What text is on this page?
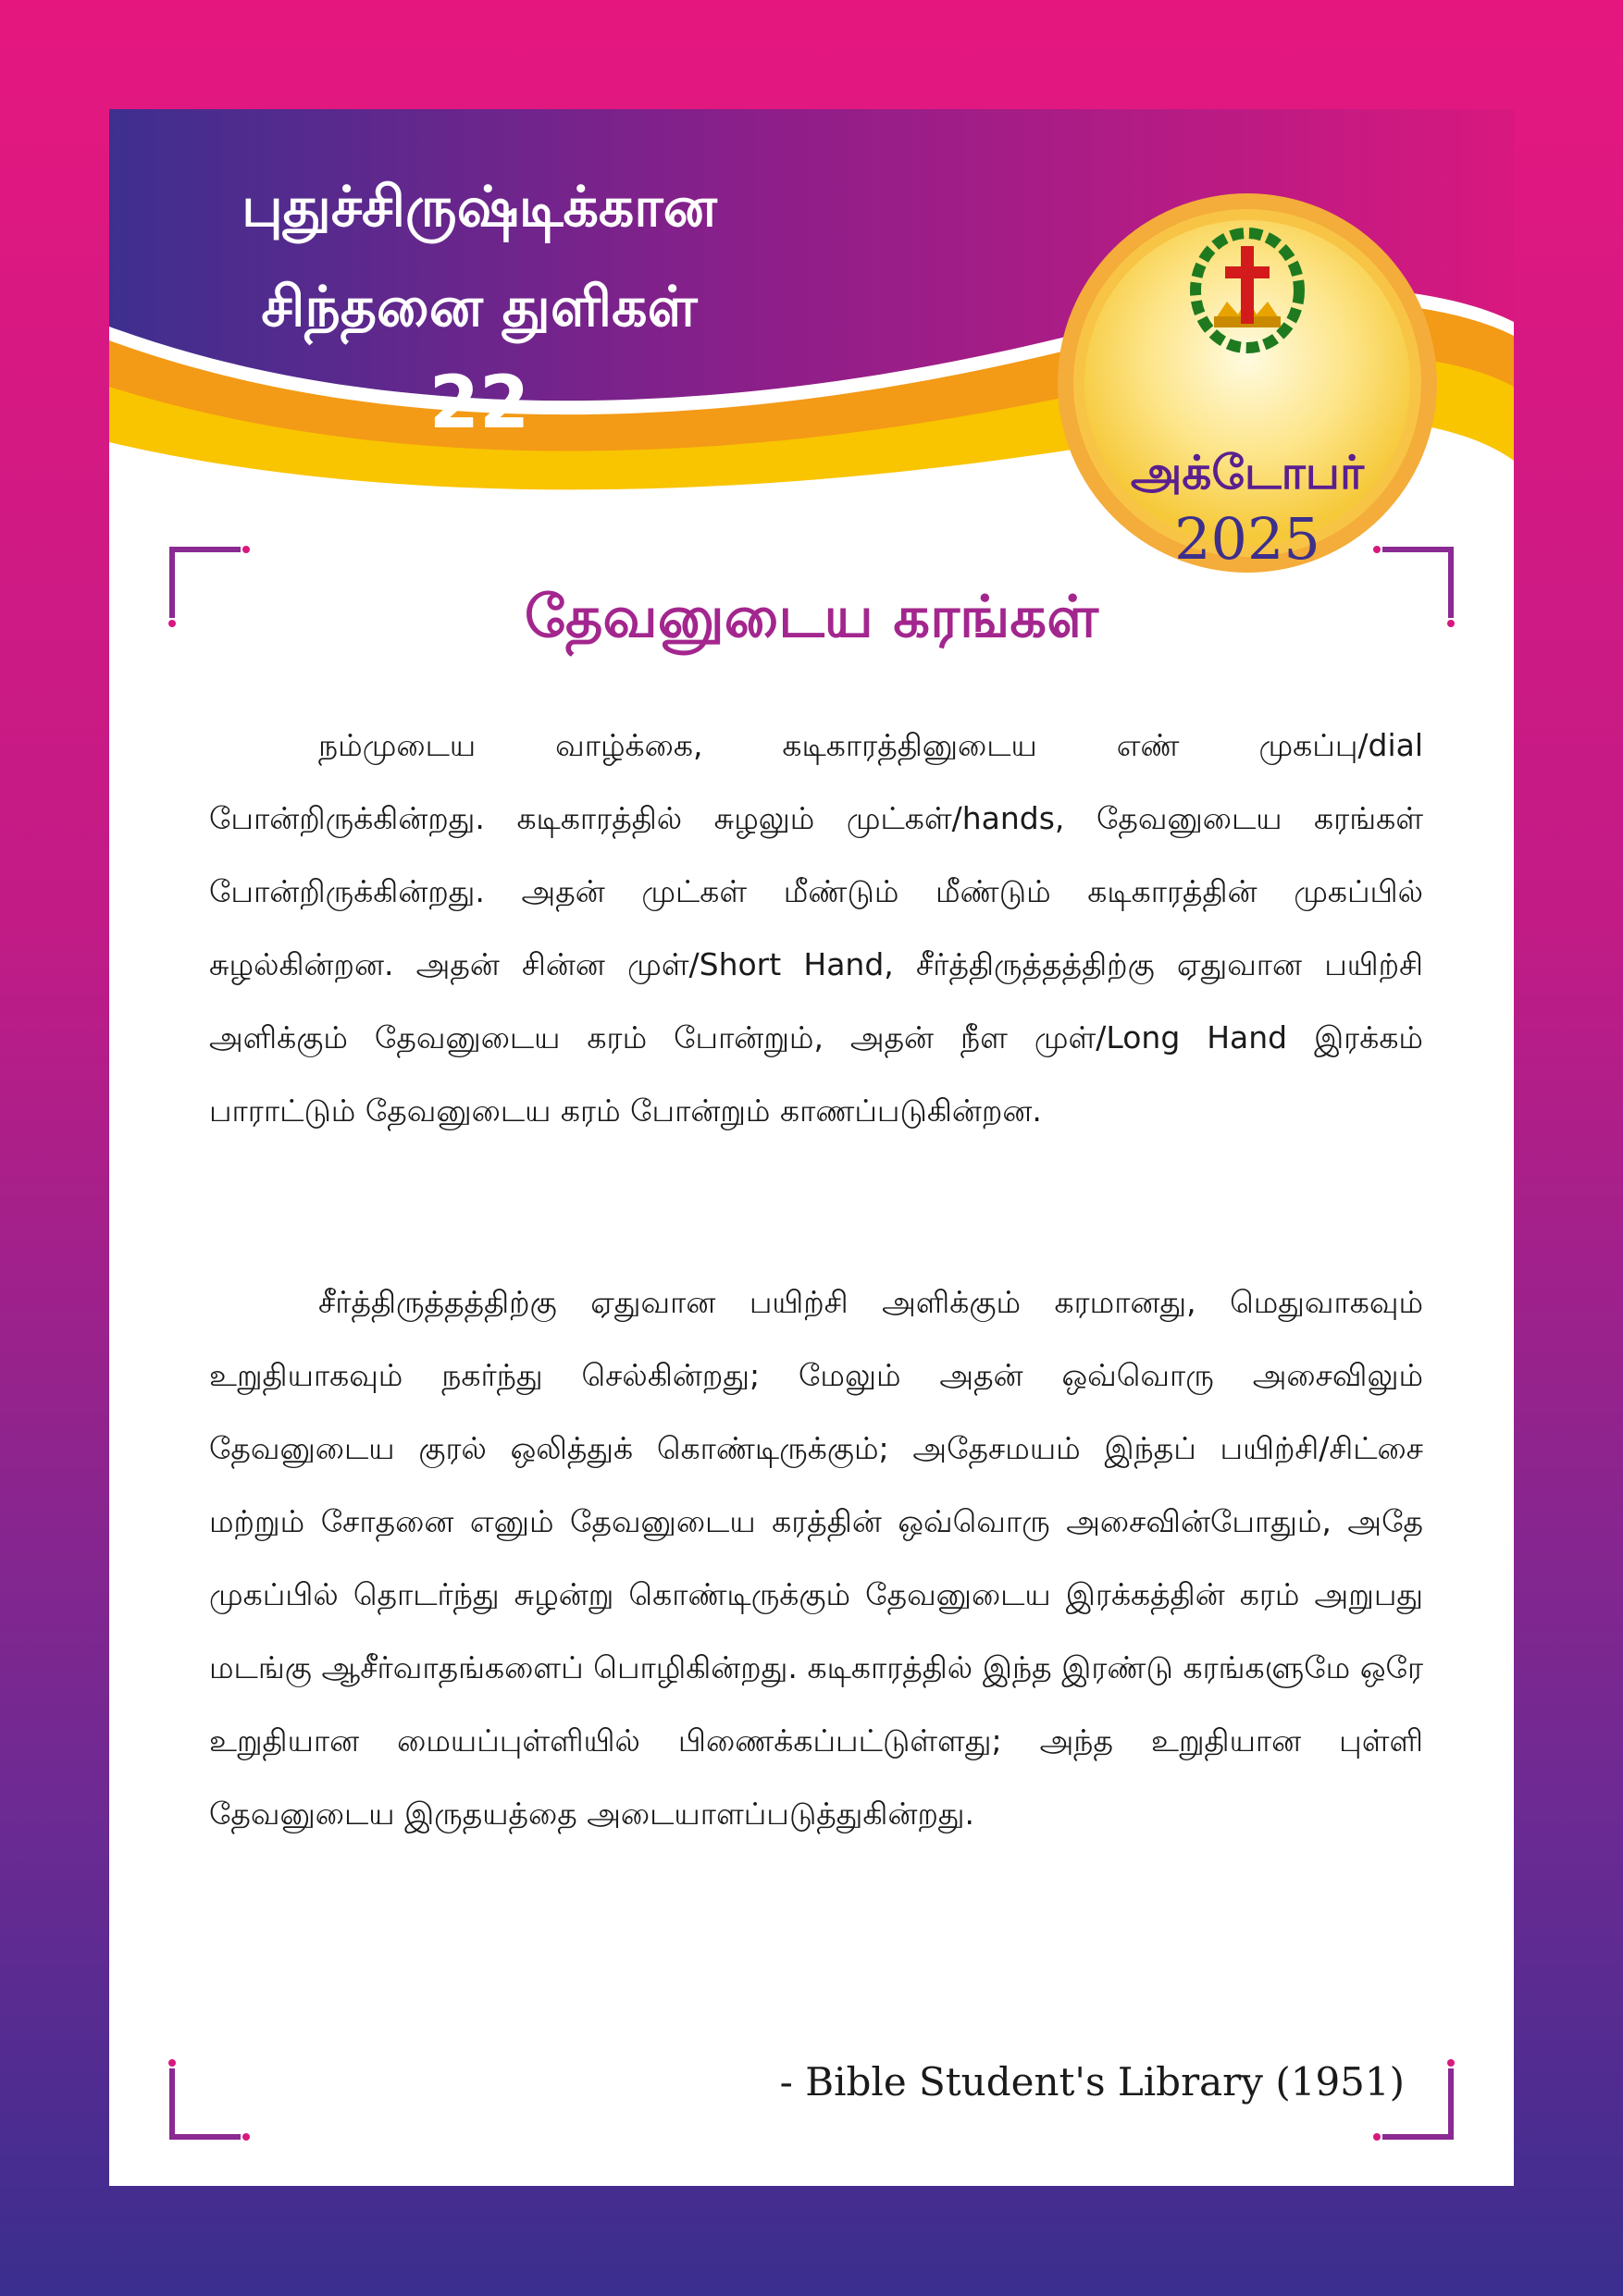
புதுச்சிருஷ்டிக்கான
சிந்தனை துளிகள்
22
அக்டோபர்
2025
தேவனுடைய கரங்கள்

நம்முடைய வாழ்க்கை, கடிகாரத்தினுடைய எண் முகப்பு/dial போன்றிருக்கின்றது. கடிகாரத்தில் சுழலும் முட்கள்/hands, தேவனுடைய கரங்கள் போன்றிருக்கின்றது. அதன் முட்கள் மீண்டும் மீண்டும் கடிகாரத்தின் முகப்பில் சுழல்கின்றன. அதன் சின்ன முள்/Short Hand, சீர்த்திருத்தத்திற்கு ஏதுவான பயிற்சி அளிக்கும் தேவனுடைய கரம் போன்றும், அதன் நீள முள்/Long Hand இரக்கம் பாராட்டும் தேவனுடைய கரம் போன்றும் காணப்படுகின்றன.

சீர்த்திருத்தத்திற்கு ஏதுவான பயிற்சி அளிக்கும் கரமானது, மெதுவாகவும் உறுதியாகவும் நகர்ந்து செல்கின்றது; மேலும் அதன் ஒவ்வொரு அசைவிலும் தேவனுடைய குரல் ஒலித்துக் கொண்டிருக்கும்; அதேசமயம் இந்தப் பயிற்சி/சிட்சை மற்றும் சோதனை எனும் தேவனுடைய கரத்தின் ஒவ்வொரு அசைவின்போதும், அதே முகப்பில் தொடர்ந்து சுழன்று கொண்டிருக்கும் தேவனுடைய இரக்கத்தின் கரம் அறுபது மடங்கு ஆசீர்வாதங்களைப் பொழிகின்றது. கடிகாரத்தில் இந்த இரண்டு கரங்களுமே ஒரே உறுதியான மையப்புள்ளியில் பிணைக்கப்பட்டுள்ளது; அந்த உறுதியான புள்ளி தேவனுடைய இருதயத்தை அடையாளப்படுத்துகின்றது.

- Bible Student's Library (1951)
